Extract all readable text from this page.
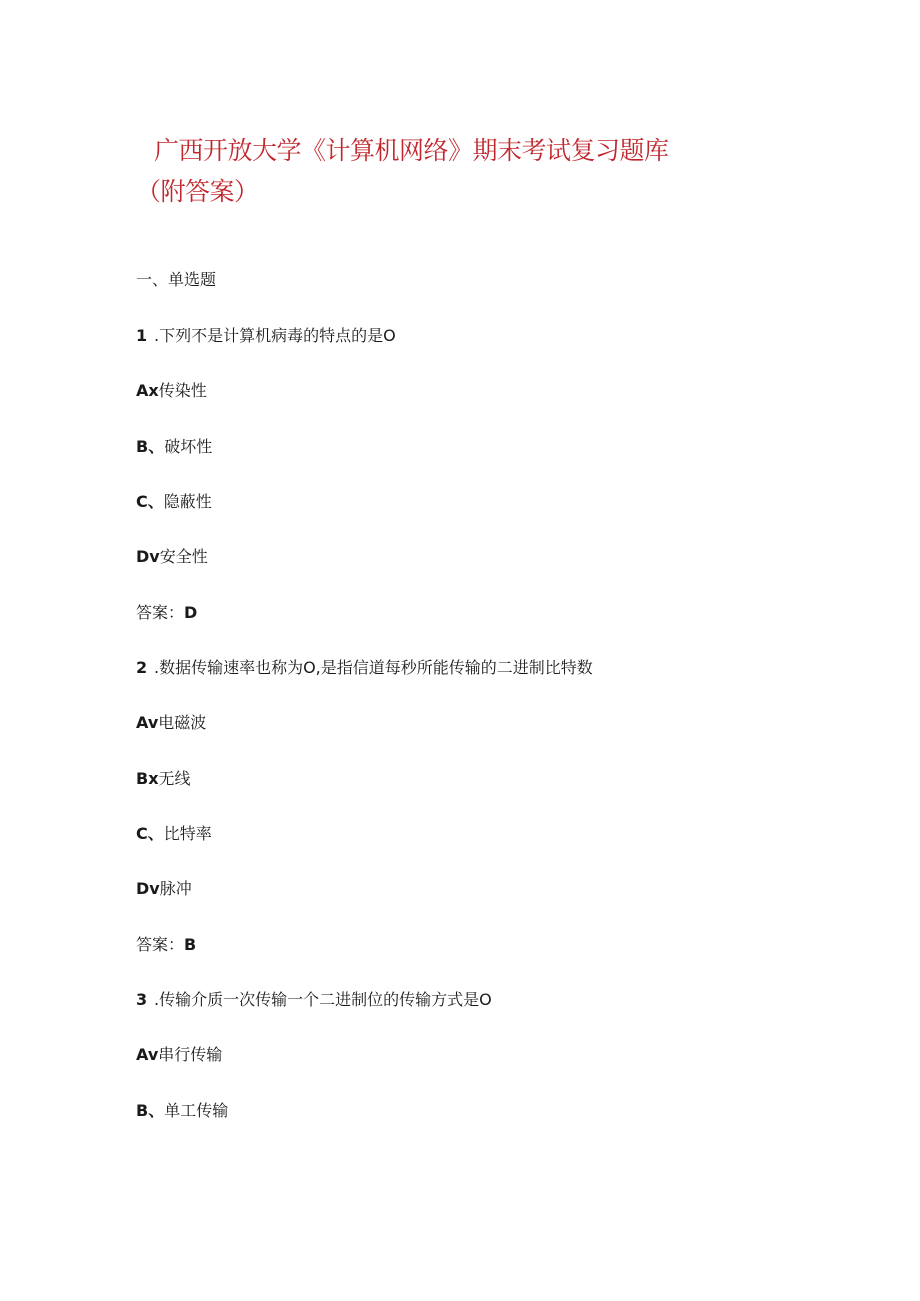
广西开放大学《计算机网络》期末考试复习题库（附答案）
一、单选题
1 .下列不是计算机病毒的特点的是O
Ax传染性
B、破坏性
C、隐蔽性
Dv安全性
答案：D
2 .数据传输速率也称为O,是指信道每秒所能传输的二进制比特数
Av电磁波
Bx无线
C、比特率
Dv脉冲
答案：B
3 .传输介质一次传输一个二进制位的传输方式是O
Av串行传输
B、单工传输
